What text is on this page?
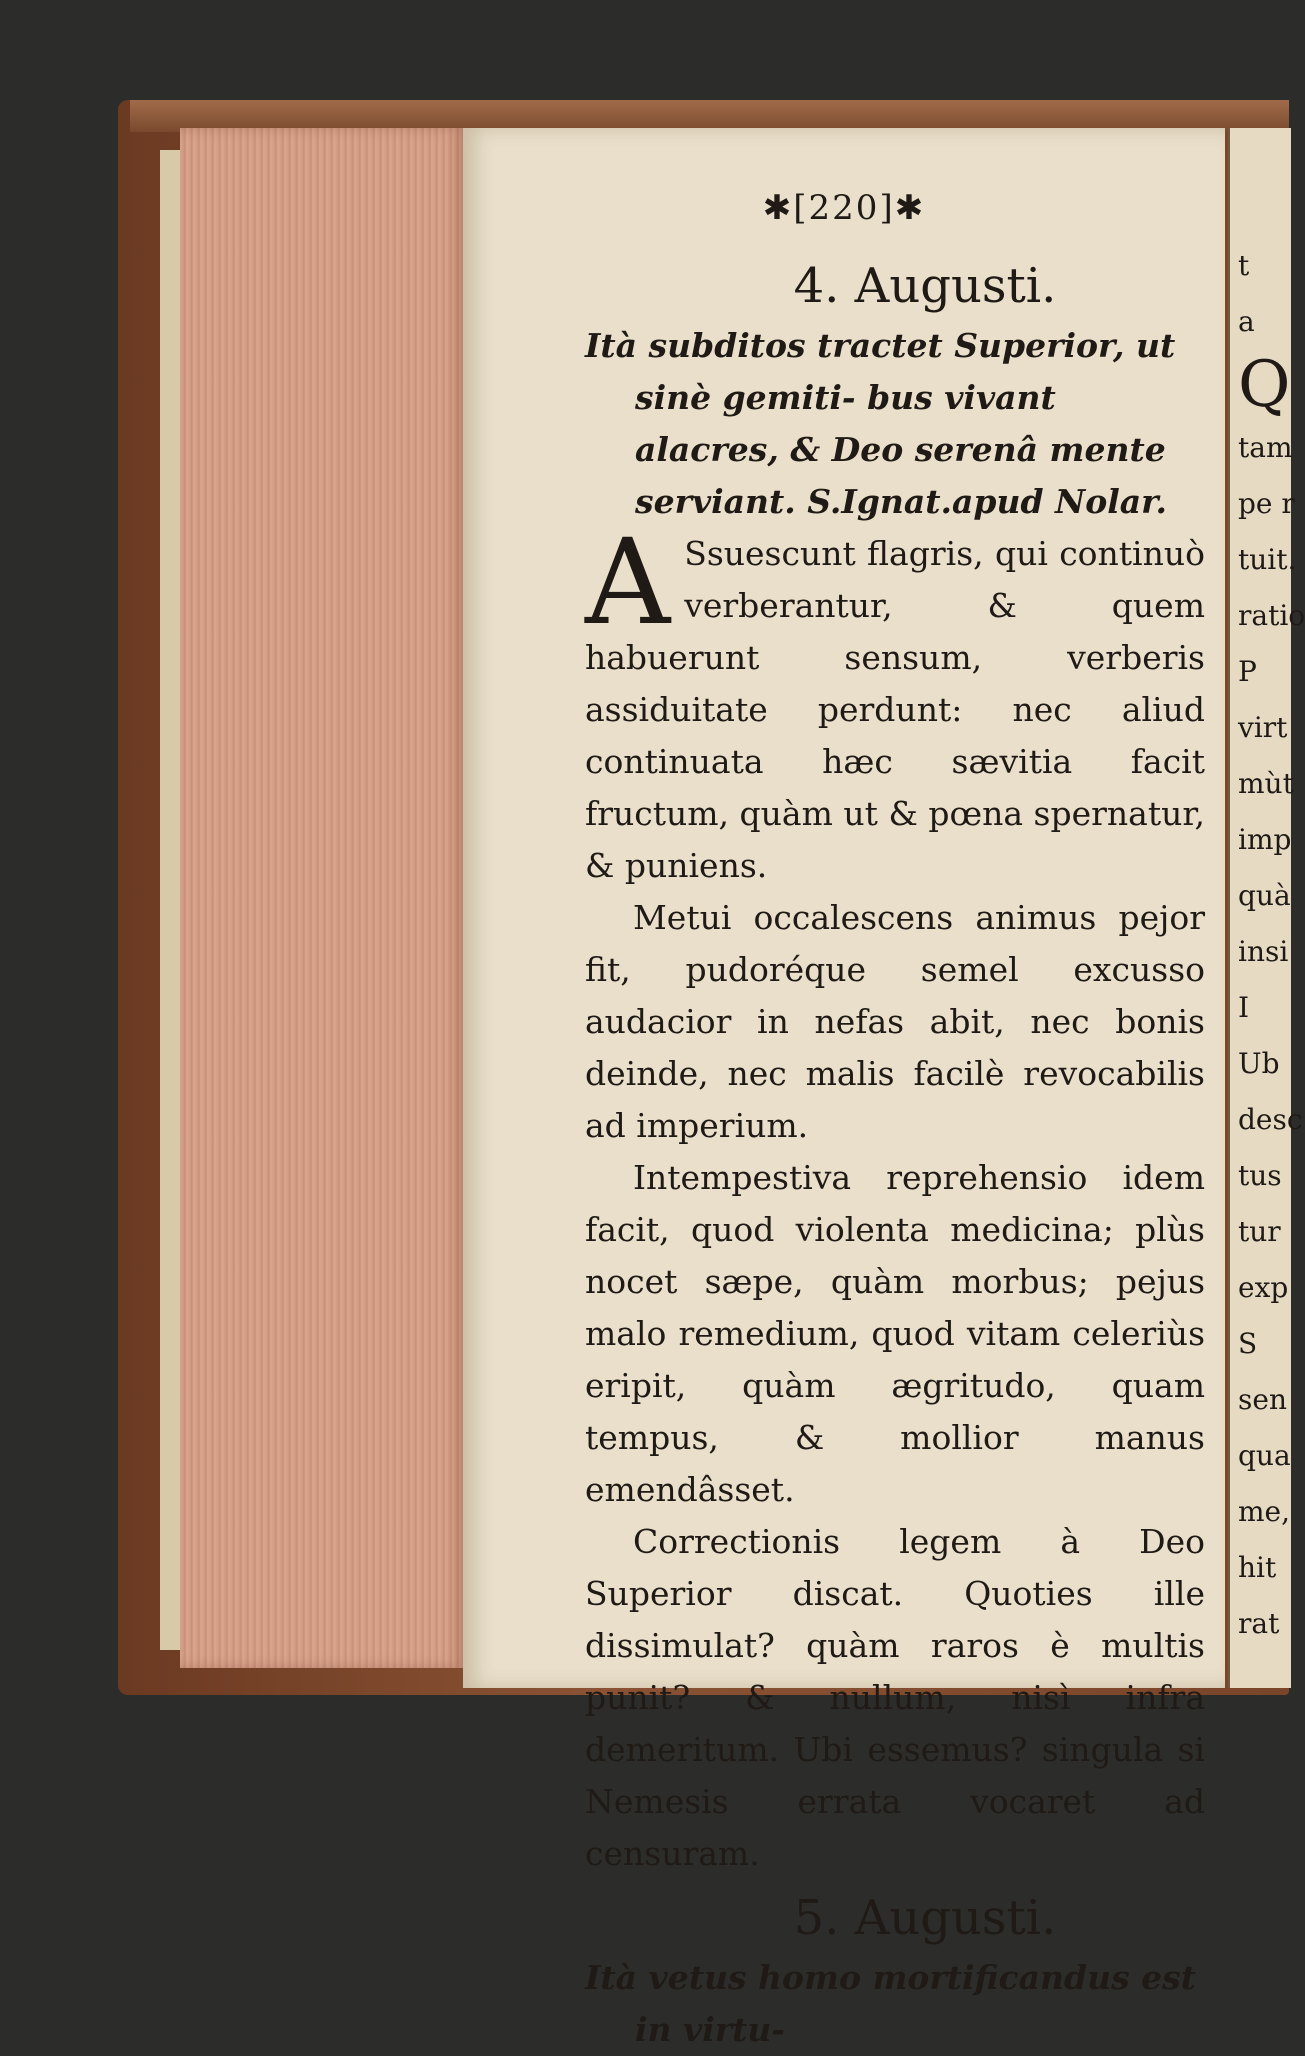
✱[220]✱
4. Augusti.

Ità subditos tractet Superior, ut sinè gemiti- bus vivant alacres, & Deo serenâ mente serviant. S.Ignat.apud Nolar.

A Ssuescunt flagris, qui continuò verberantur, & quem habuerunt sensum, verberis assiduitate perdunt: nec aliud continuata hæc sævitia facit fructum, quàm ut & pœna spernatur, & puniens.

Metui occalescens animus pejor fit, pudoréque semel excusso audacior in nefas abit, nec bonis deinde, nec malis facilè revocabilis ad imperium.

Intempestiva reprehensio idem facit, quod violenta medicina; plùs nocet sæpe, quàm morbus; pejus malo remedium, quod vitam celeriùs eripit, quàm ægritudo, quam tempus, & mollior manus emendâsset.

Correctionis legem à Deo Superior discat. Quoties ille dissimulat? quàm raros è multis punit? & nullum, nisì infra demeritum. Ubi essemus? singula si Nemesis errata vocaret ad censuram.

5. Augusti.

Ità vetus homo mortificandus est in virtu-

t
a
Q
tam
pe r
tuit.
ratio
P
virt
mùt
imp
quà
insi
I
Ub
desc
tus
tur
exp
S
sen
qua
me,
hit
rat
